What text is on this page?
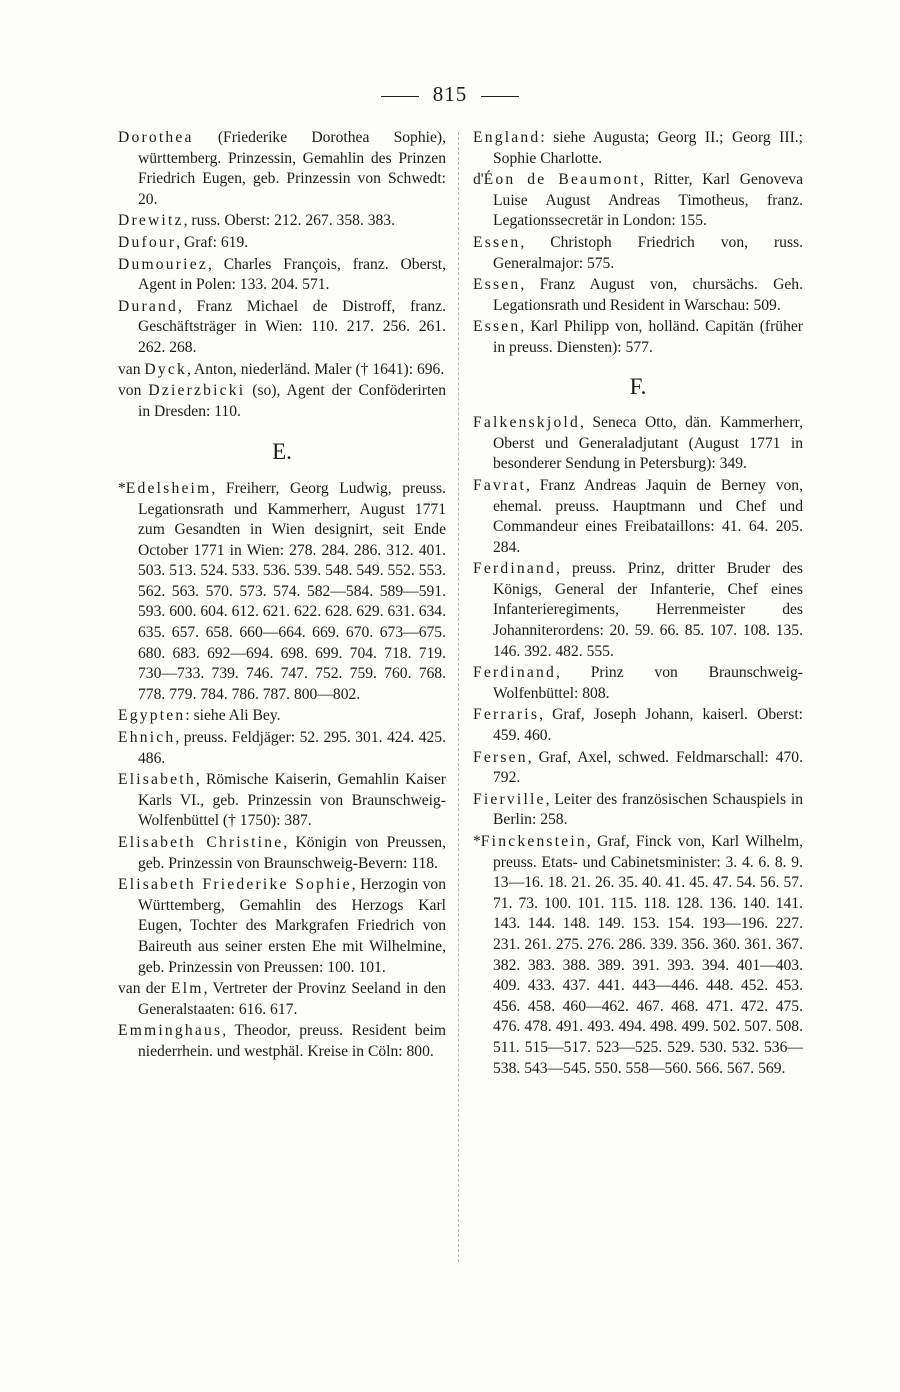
815

Dorothea (Friederike Dorothea Sophie), württemberg. Prinzessin, Gemahlin des Prinzen Friedrich Eugen, geb. Prinzessin von Schwedt: 20.

Drewitz, russ. Oberst: 212. 267. 358. 383.

Dufour, Graf: 619.

Dumouriez, Charles François, franz. Oberst, Agent in Polen: 133. 204. 571.

Durand, Franz Michael de Distroff, franz. Geschäftsträger in Wien: 110. 217. 256. 261. 262. 268.

van Dyck, Anton, niederländ. Maler († 1641): 696.

von Dzierzbicki (so), Agent der Conföderirten in Dresden: 110.

E.

*Edelsheim, Freiherr, Georg Ludwig, preuss. Legationsrath und Kammerherr, August 1771 zum Gesandten in Wien designirt, seit Ende October 1771 in Wien: 278. 284. 286. 312. 401. 503. 513. 524. 533. 536. 539. 548. 549. 552. 553. 562. 563. 570. 573. 574. 582—584. 589—591. 593. 600. 604. 612. 621. 622. 628. 629. 631. 634. 635. 657. 658. 660—664. 669. 670. 673—675. 680. 683. 692—694. 698. 699. 704. 718. 719. 730—733. 739. 746. 747. 752. 759. 760. 768. 778. 779. 784. 786. 787. 800—802.

Egypten: siehe Ali Bey.

Ehnich, preuss. Feldjäger: 52. 295. 301. 424. 425. 486.

Elisabeth, Römische Kaiserin, Gemahlin Kaiser Karls VI., geb. Prinzessin von Braunschweig-Wolfenbüttel († 1750): 387.

Elisabeth Christine, Königin von Preussen, geb. Prinzessin von Braunschweig-Bevern: 118.

Elisabeth Friederike Sophie, Herzogin von Württemberg, Gemahlin des Herzogs Karl Eugen, Tochter des Markgrafen Friedrich von Baireuth aus seiner ersten Ehe mit Wilhelmine, geb. Prinzessin von Preussen: 100. 101.

van der Elm, Vertreter der Provinz Seeland in den Generalstaaten: 616. 617.

Emminghaus, Theodor, preuss. Resident beim niederrhein. und westphäl. Kreise in Cöln: 800.

England: siehe Augusta; Georg II.; Georg III.; Sophie Charlotte.

d'Éon de Beaumont, Ritter, Karl Genoveva Luise August Andreas Timotheus, franz. Legationssecretär in London: 155.

Essen, Christoph Friedrich von, russ. Generalmajor: 575.

Essen, Franz August von, chursächs. Geh. Legationsrath und Resident in Warschau: 509.

Essen, Karl Philipp von, holländ. Capitän (früher in preuss. Diensten): 577.

F.

Falkenskjold, Seneca Otto, dän. Kammerherr, Oberst und Generaladjutant (August 1771 in besonderer Sendung in Petersburg): 349.

Favrat, Franz Andreas Jaquin de Berney von, ehemal. preuss. Hauptmann und Chef und Commandeur eines Freibataillons: 41. 64. 205. 284.

Ferdinand, preuss. Prinz, dritter Bruder des Königs, General der Infanterie, Chef eines Infanterieregiments, Herrenmeister des Johanniterordens: 20. 59. 66. 85. 107. 108. 135. 146. 392. 482. 555.

Ferdinand, Prinz von Braunschweig-Wolfenbüttel: 808.

Ferraris, Graf, Joseph Johann, kaiserl. Oberst: 459. 460.

Fersen, Graf, Axel, schwed. Feldmarschall: 470. 792.

Fierville, Leiter des französischen Schauspiels in Berlin: 258.

*Finckenstein, Graf, Finck von, Karl Wilhelm, preuss. Etats- und Cabinetsminister: 3. 4. 6. 8. 9. 13—16. 18. 21. 26. 35. 40. 41. 45. 47. 54. 56. 57. 71. 73. 100. 101. 115. 118. 128. 136. 140. 141. 143. 144. 148. 149. 153. 154. 193—196. 227. 231. 261. 275. 276. 286. 339. 356. 360. 361. 367. 382. 383. 388. 389. 391. 393. 394. 401—403. 409. 433. 437. 441. 443—446. 448. 452. 453. 456. 458. 460—462. 467. 468. 471. 472. 475. 476. 478. 491. 493. 494. 498. 499. 502. 507. 508. 511. 515—517. 523—525. 529. 530. 532. 536—538. 543—545. 550. 558—560. 566. 567. 569.
